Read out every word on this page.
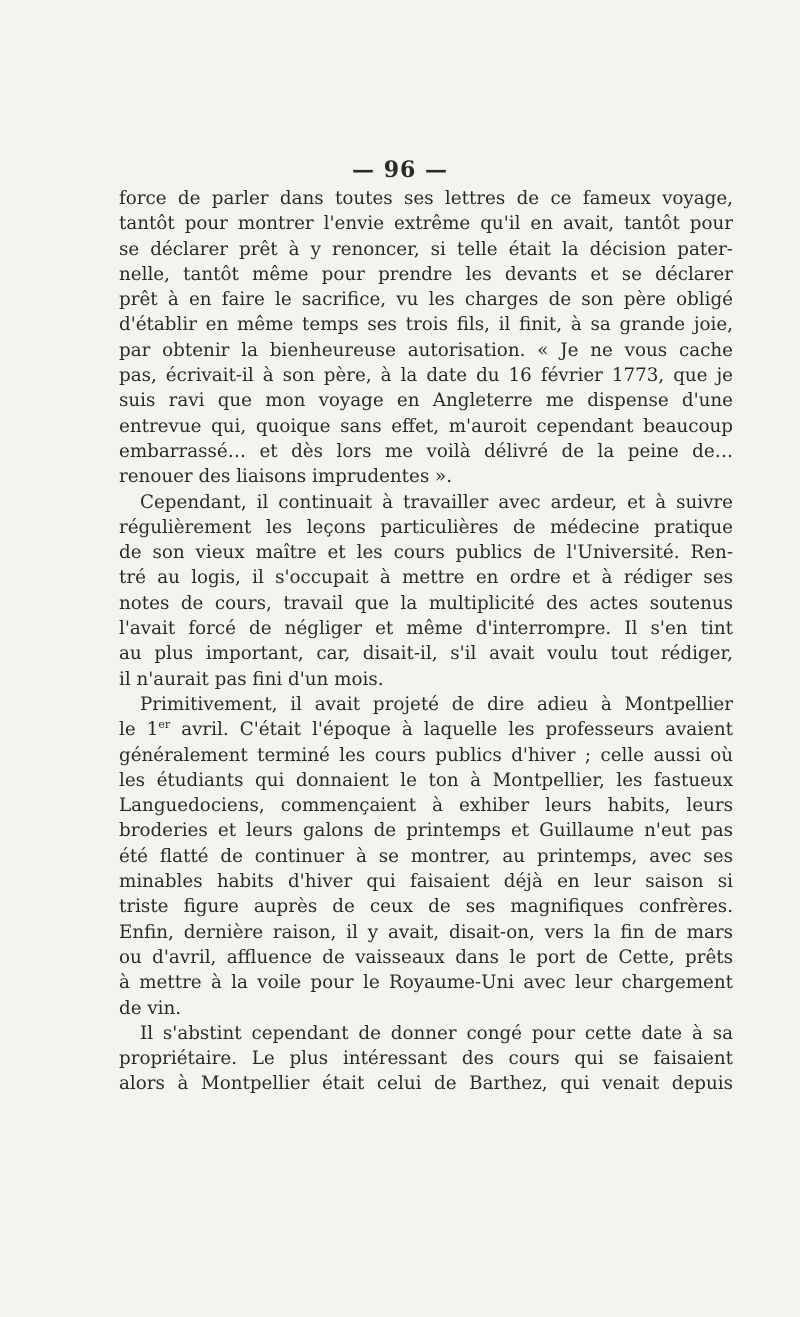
— 96 —
force de parler dans toutes ses lettres de ce fameux voyage,
tantôt pour montrer l'envie extrême qu'il en avait, tantôt pour
se déclarer prêt à y renoncer, si telle était la décision pater-
nelle, tantôt même pour prendre les devants et se déclarer
prêt à en faire le sacrifice, vu les charges de son père obligé
d'établir en même temps ses trois fils, il finit, à sa grande joie,
par obtenir la bienheureuse autorisation. « Je ne vous cache
pas, écrivait-il à son père, à la date du 16 février 1773, que je
suis ravi que mon voyage en Angleterre me dispense d'une
entrevue qui, quoique sans effet, m'auroit cependant beaucoup
embarrassé… et dès lors me voilà délivré de la peine de…
renouer des liaisons imprudentes ».
Cependant, il continuait à travailler avec ardeur, et à suivre
régulièrement les leçons particulières de médecine pratique
de son vieux maître et les cours publics de l'Université. Ren-
tré au logis, il s'occupait à mettre en ordre et à rédiger ses
notes de cours, travail que la multiplicité des actes soutenus
l'avait forcé de négliger et même d'interrompre. Il s'en tint
au plus important, car, disait-il, s'il avait voulu tout rédiger,
il n'aurait pas fini d'un mois.
Primitivement, il avait projeté de dire adieu à Montpellier
le 1er avril. C'était l'époque à laquelle les professeurs avaient
généralement terminé les cours publics d'hiver ; celle aussi où
les étudiants qui donnaient le ton à Montpellier, les fastueux
Languedociens, commençaient à exhiber leurs habits, leurs
broderies et leurs galons de printemps et Guillaume n'eut pas
été flatté de continuer à se montrer, au printemps, avec ses
minables habits d'hiver qui faisaient déjà en leur saison si
triste figure auprès de ceux de ses magnifiques confrères.
Enfin, dernière raison, il y avait, disait-on, vers la fin de mars
ou d'avril, affluence de vaisseaux dans le port de Cette, prêts
à mettre à la voile pour le Royaume-Uni avec leur chargement
de vin.
Il s'abstint cependant de donner congé pour cette date à sa
propriétaire. Le plus intéressant des cours qui se faisaient
alors à Montpellier était celui de Barthez, qui venait depuis
